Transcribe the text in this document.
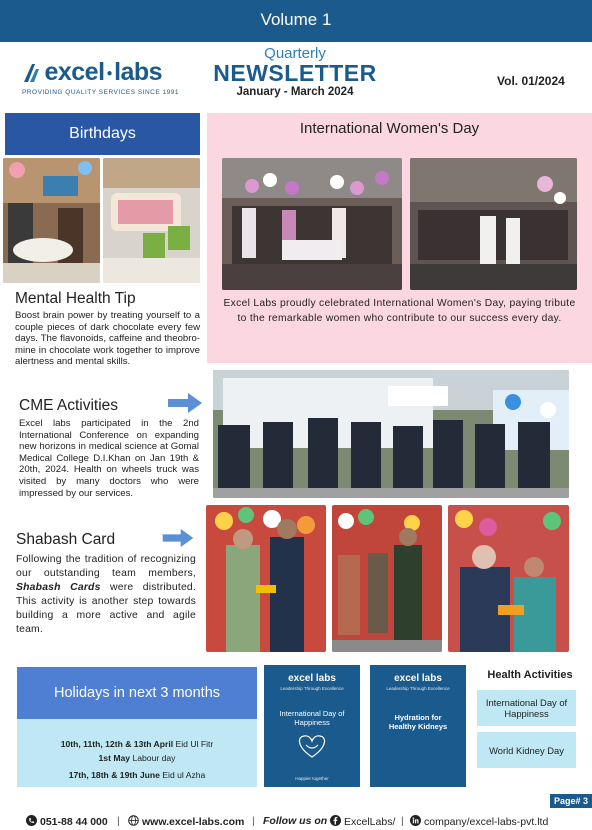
Volume 1
excel ●labs
PROVIDING QUALITY SERVICES SINCE 1991
Quarterly
NEWSLETTER
January - March 2024
Vol. 01/2024
Birthdays	International Women's Day
Excel Labs proudly celebrated International Women's Day, paying tribute to the remarkable women who contribute to our success every day.
Mental Health Tip
Boost brain power by treating yourself to a couple pieces of dark chocolate every few days. The flavonoids, caffeine and theobro-mine in chocolate work together to improve alertness and mental skills.
CME Activities
Excel labs participated in the 2nd International Conference on expanding new horizons in medical science at Gomal Medical College D.I.Khan on Jan 19th & 20th, 2024. Health on wheels truck was visited by many doctors who were impressed by our services.
Shabash Card
Following the tradition of recognizing our outstanding team members, Shabash Cards were distributed. This activity is another step towards building a more active and agile team.
Holidays in next 3 months
10th, 11th, 12th & 13th April Eid Ul Fitr
1st May Labour day
17th, 18th & 19th June Eid ul Azha
excel labs
Leadership Through Excellence
International Day of Happiness
Happier together
excel labs
Leadership Through Excellence
Hydration for Healthy Kidneys
Health Activities
International Day of Happiness
World Kidney Day
Page# 3
051-88 44 000 |	www.excel-labs.com | Follow us on	ExcelLabs/ |	company/excel-labs-pvt.ltd
